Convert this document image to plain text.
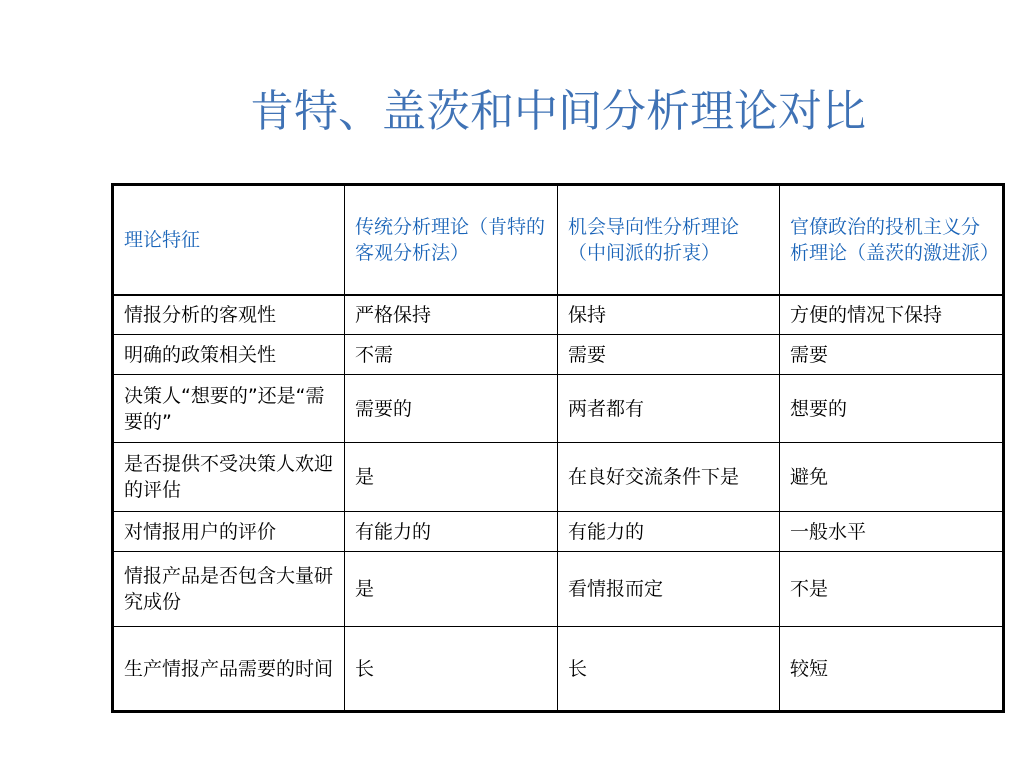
肯特、盖茨和中间分析理论对比
理论特征	传统分析理论（肯特的客观分析法）	机会导向性分析理论（中间派的折衷）	官僚政治的投机主义分析理论（盖茨的激进派）
情报分析的客观性	严格保持	保持	方便的情况下保持
明确的政策相关性	不需	需要	需要
决策人“想要的”还是“需要的”	需要的	两者都有	想要的
是否提供不受决策人欢迎的评估	是	在良好交流条件下是	避免
对情报用户的评价	有能力的	有能力的	一般水平
情报产品是否包含大量研究成份	是	看情报而定	不是
生产情报产品需要的时间	长	长	较短
